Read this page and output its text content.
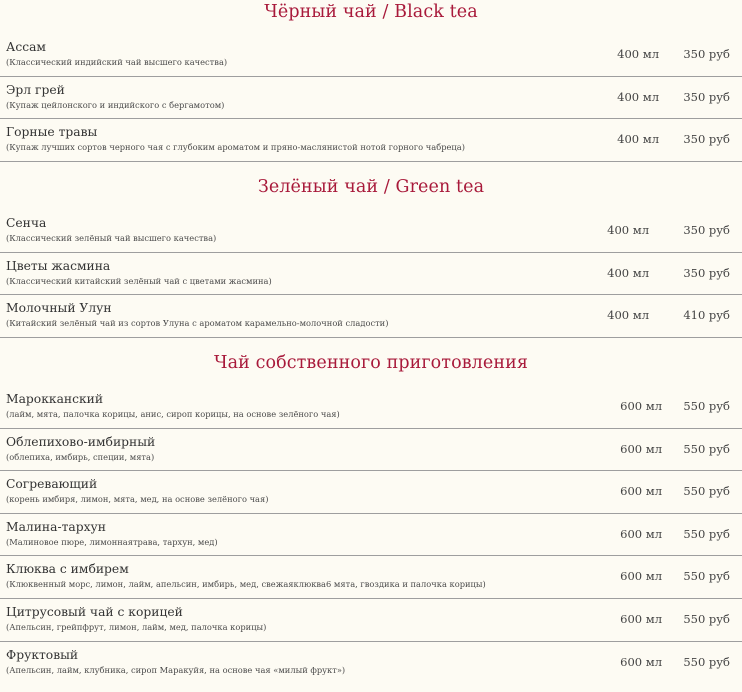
Чёрный чай / Black tea
Ассам
(Классический индийский чай высшего качества)
400 мл 350 руб
Эрл грей
(Купаж цейлонского и индийского с бергамотом)
400 мл 350 руб
Горные травы
(Купаж лучших сортов черного чая с глубоким ароматом и пряно-маслянистой нотой горного чабреца)
400 мл 350 руб
Зелёный чай / Green tea
Сенча
(Классический зелёный чай высшего качества)
400 мл	350 руб
Цветы жасмина
(Классический китайский зелёный чай с цветами жасмина)
400 мл	350 руб
Молочный Улун
(Китайский зелёный чай из сортов Улуна с ароматом карамельно-молочной сладости)
400 мл	410 руб
Чай собственного приготовления
Марокканский
(лайм, мята, палочка корицы, анис, сироп корицы, на основе зелёного чая)
600 мл 550 руб
Облепихово-имбирный
(облепиха, имбирь, специи, мята)
600 мл 550 руб
Согревающий
(корень имбиря, лимон, мята, мед, на основе зелёного чая)
600 мл 550 руб
Малина-тархун
(Малиновое пюре, лимоннаятрава, тархун, мед)
600 мл 550 руб
Клюква с имбирем
(Клюквенный морс, лимон, лайм, апельсин, имбирь, мед, свежаяклюква6 мята, гвоздика и палочка корицы)
600 мл 550 руб
Цитрусовый чай с корицей
(Апельсин, грейпфрут, лимон, лайм, мед, палочка корицы)
600 мл 550 руб
Фруктовый
(Апельсин, лайм, клубника, сироп Маракуйя, на основе чая «милый фрукт»)
600 мл 550 руб
